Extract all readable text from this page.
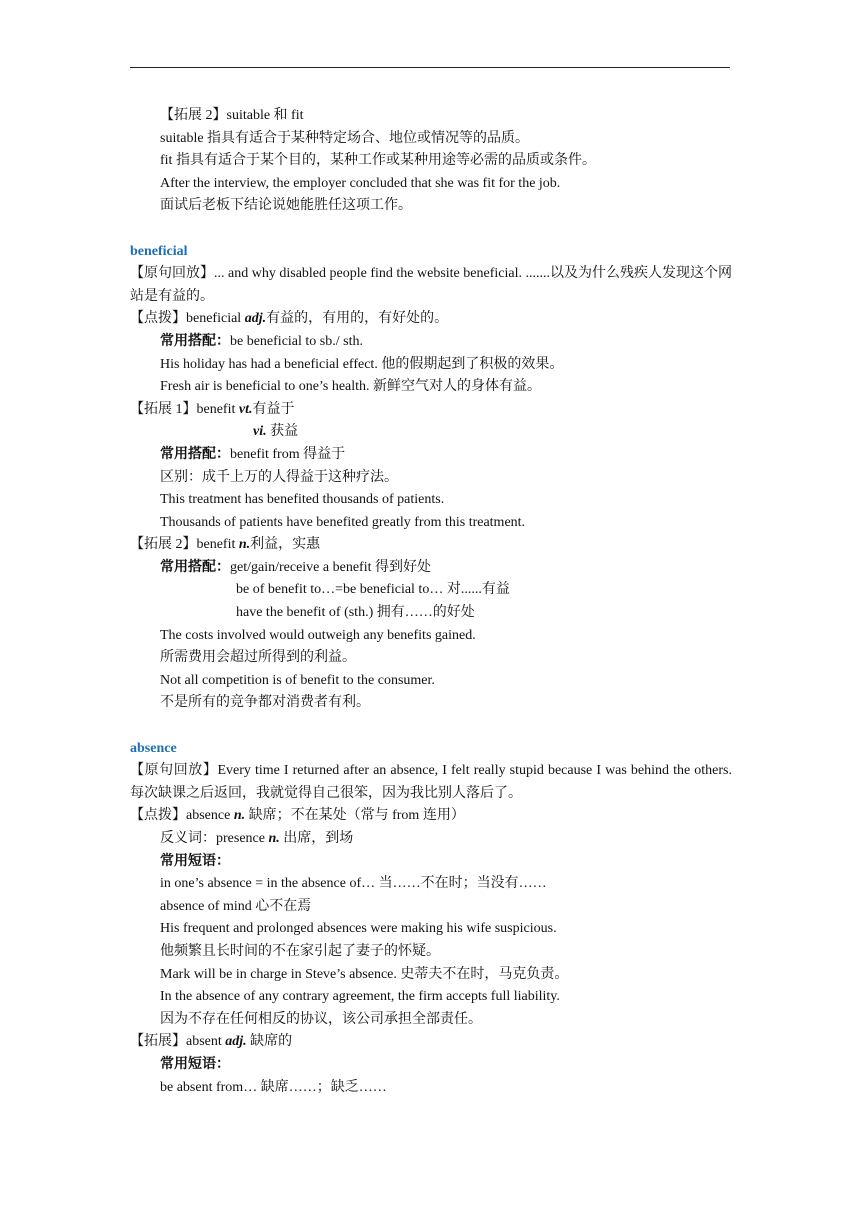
【拓展 2】suitable 和 fit
suitable 指具有适合于某种特定场合、地位或情况等的品质。
fit 指具有适合于某个目的，某种工作或某种用途等必需的品质或条件。
After the interview, the employer concluded that she was fit for the job.
面试后老板下结论说她能胜任这项工作。
beneficial
【原句回放】... and why disabled people find the website beneficial. .......以及为什么残疾人发现这个网站是有益的。
【点拨】beneficial adj.有益的，有用的，有好处的。
常用搭配：be beneficial to sb./ sth.
His holiday has had a beneficial effect. 他的假期起到了积极的效果。
Fresh air is beneficial to one’s health. 新鲜空气对人的身体有益。
【拓展 1】benefit vt.有益于
vi. 获益
常用搭配：benefit from 得益于
区别：成千上万的人得益于这种疗法。
This treatment has benefited thousands of patients.
Thousands of patients have benefited greatly from this treatment.
【拓展 2】benefit n.利益，实惠
常用搭配：get/gain/receive a benefit 得到好处
be of benefit to…=be beneficial to… 对......有益
have the benefit of (sth.) 拥有……的好处
The costs involved would outweigh any benefits gained.
所需费用会超过所得到的利益。
Not all competition is of benefit to the consumer.
不是所有的竞争都对消费者有利。
absence
【原句回放】Every time I returned after an absence, I felt really stupid because I was behind the others. 每次缺课之后返回，我就觉得自己很笨，因为我比别人落后了。
【点拨】absence n. 缺席；不在某处（常与 from 连用）
反义词：presence n. 出席，到场
常用短语：
in one’s absence = in the absence of… 当……不在时；当没有……
absence of mind 心不在焉
His frequent and prolonged absences were making his wife suspicious.
他频繁且长时间的不在家引起了妻子的怀疑。
Mark will be in charge in Steve’s absence. 史蒂夫不在时，马克负责。
In the absence of any contrary agreement, the firm accepts full liability.
因为不存在任何相反的协议，该公司承担全部责任。
【拓展】absent adj. 缺席的
常用短语：
be absent from… 缺席……；缺乏……
